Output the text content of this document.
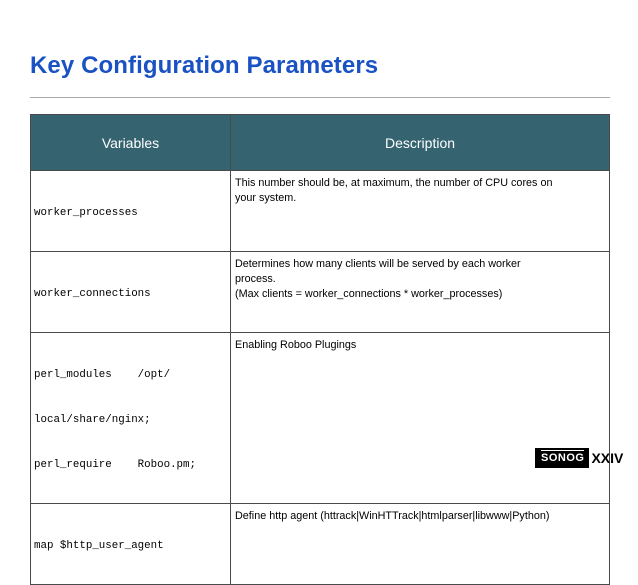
Key Configuration Parameters
Variables	Description

worker_processes	This number should be, at maximum, the number of CPU cores on
your system.

worker_connections	Determines how many clients will be served by each worker
process.
(Max clients = worker_connections * worker_processes)

perl_modules    /opt/

local/share/nginx;

perl_require    Roboo.pm;	Enabling Roboo Plugings

map $http_user_agent	Define http agent (httrack|WinHTTrack|htmlparser|libwww|Python)
SONOG XXIV
